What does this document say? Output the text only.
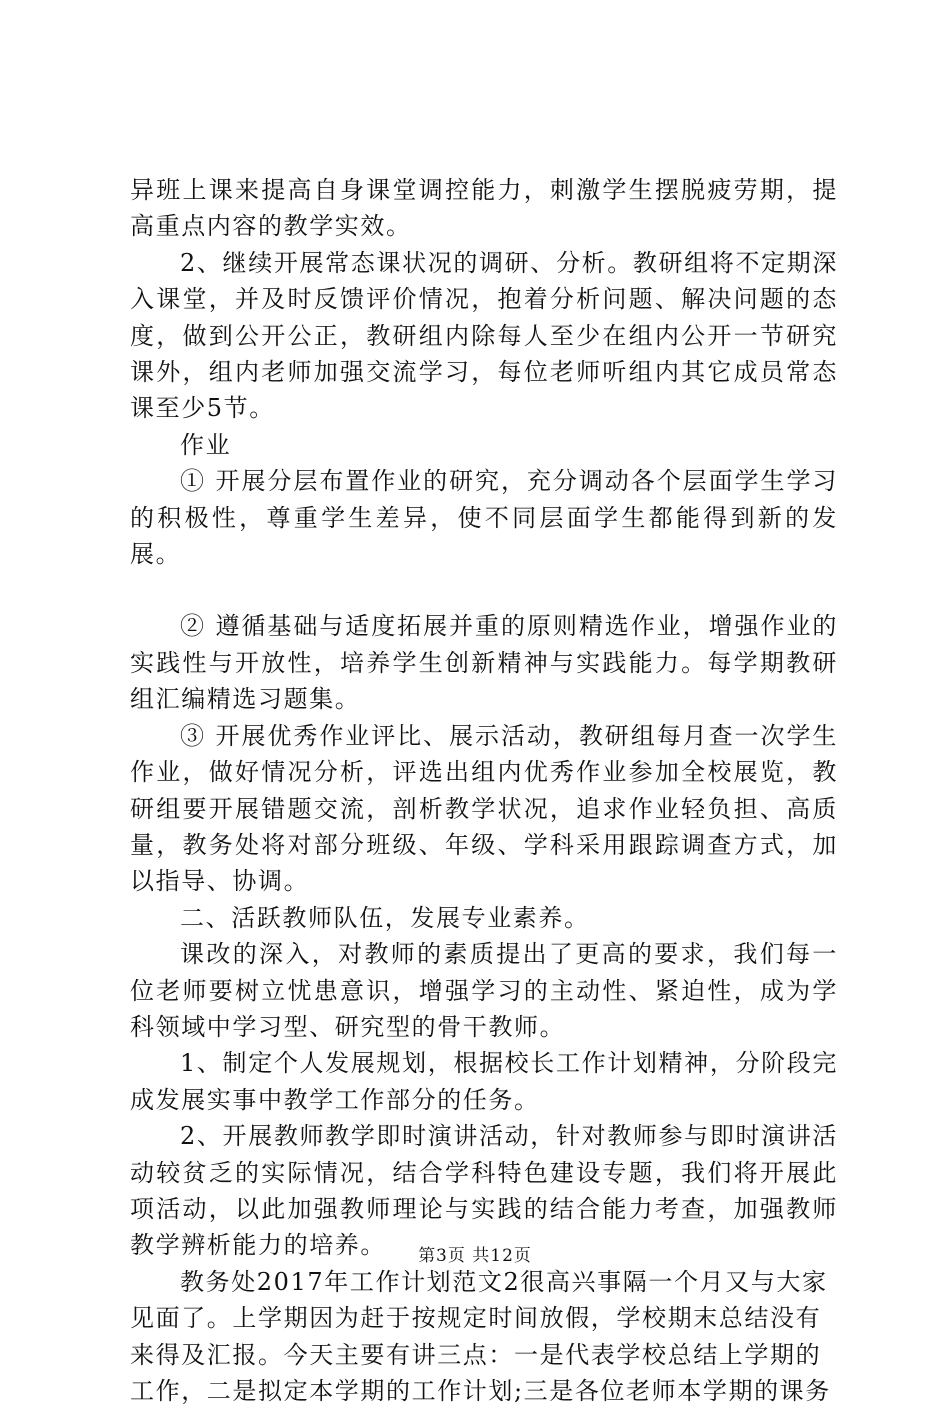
异班上课来提高自身课堂调控能力，刺激学生摆脱疲劳期，提高重点内容的教学实效。

2、继续开展常态课状况的调研、分析。教研组将不定期深入课堂，并及时反馈评价情况，抱着分析问题、解决问题的态度，做到公开公正，教研组内除每人至少在组内公开一节研究课外，组内老师加强交流学习，每位老师听组内其它成员常态课至少5节。

作业

① 开展分层布置作业的研究，充分调动各个层面学生学习的积极性，尊重学生差异，使不同层面学生都能得到新的发展。

② 遵循基础与适度拓展并重的原则精选作业，增强作业的实践性与开放性，培养学生创新精神与实践能力。每学期教研组汇编精选习题集。

③ 开展优秀作业评比、展示活动，教研组每月查一次学生作业，做好情况分析，评选出组内优秀作业参加全校展览，教研组要开展错题交流，剖析教学状况，追求作业轻负担、高质量，教务处将对部分班级、年级、学科采用跟踪调查方式，加以指导、协调。

二、活跃教师队伍，发展专业素养。

课改的深入，对教师的素质提出了更高的要求，我们每一位老师要树立忧患意识，增强学习的主动性、紧迫性，成为学科领域中学习型、研究型的骨干教师。

1、制定个人发展规划，根据校长工作计划精神，分阶段完成发展实事中教学工作部分的任务。

2、开展教师教学即时演讲活动，针对教师参与即时演讲活动较贫乏的实际情况，结合学科特色建设专题，我们将开展此项活动，以此加强教师理论与实践的结合能力考查，加强教师教学辨析能力的培养。

教务处2017年工作计划范文2很高兴事隔一个月又与大家见面了。上学期因为赶于按规定时间放假，学校期末总结没有来得及汇报。今天主要有讲三点：一是代表学校总结上学期的工作，二是拟定本学期的工作计划;三是各位老师本学期的课务

第3页 共12页
